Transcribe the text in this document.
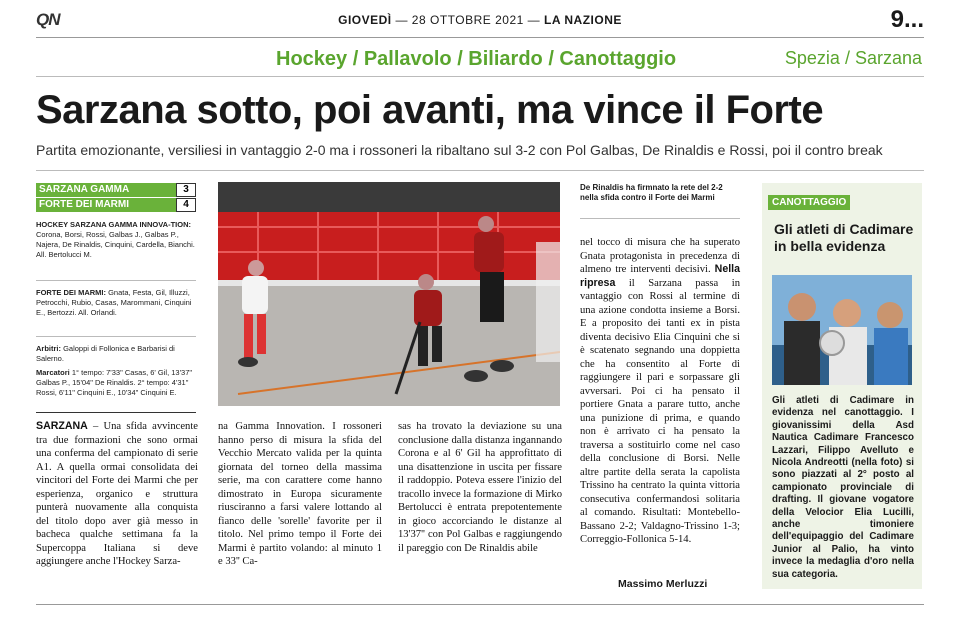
QN	GIOVEDÌ — 28 OTTOBRE 2021 — LA NAZIONE	9...
Hockey / Pallavolo / Biliardo / Canottaggio	Spezia / Sarzana
Sarzana sotto, poi avanti, ma vince il Forte
Partita emozionante, versiliesi in vantaggio 2-0 ma i rossoneri la ribaltano sul 3-2 con Pol Galbas, De Rinaldis e Rossi, poi il contro break
SARZANA GAMMA	3
FORTE DEI MARMI	4
HOCKEY SARZANA GAMMA INNOVA-TION: Corona, Borsi, Rossi, Galbas J., Galbas P., Najera, De Rinaldis, Cinquini, Cardella, Bianchi. All. Bertolucci M.
FORTE DEI MARMI: Gnata, Festa, Gil, Illuzzi, Petrocchi, Rubio, Casas, Marommani, Cinquini E., Bertozzi. All. Orlandi.
Arbitri: Galoppi di Follonica e Barbarisi di Salerno.
Marcatori 1° tempo: 7'33" Casas, 6' Gil, 13'37" Galbas P., 15'04" De Rinaldis. 2° tempo: 4'31" Rossi, 6'11" Cinquini E., 10'34" Cinquini E.
SARZANA – Una sfida avvincente tra due formazioni che sono ormai una conferma del campionato di serie A1. A quella ormai consolidata dei vincitori del Forte dei Marmi che per esperienza, organico e struttura punterà nuovamente alla conquista del titolo dopo aver già messo in bacheca qualche settimana fa la Supercoppa Italiana si deve aggiungere anche l'Hockey Sarza-
na Gamma Innovation. I rossoneri hanno perso di misura la sfida del Vecchio Mercato valida per la quinta giornata del torneo della massima serie, ma con carattere come hanno dimostrato in Europa sicuramente riusciranno a farsi valere lottando al fianco delle 'sorelle' favorite per il titolo. Nel primo tempo il Forte dei Marmi è partito volando: al minuto 1 e 33'' Ca-
sas ha trovato la deviazione su una conclusione dalla distanza ingannando Corona e al 6' Gil ha approfittato di una disattenzione in uscita per fissare il raddoppio. Poteva essere l'inizio del tracollo invece la formazione di Mirko Bertolucci è entrata prepotentemente in gioco accorciando le distanze al 13'37'' con Pol Galbas e raggiungendo il pareggio con De Rinaldis abile
nel tocco di misura che ha superato Gnata protagonista in precedenza di almeno tre interventi decisivi. Nella ripresa il Sarzana passa in vantaggio con Rossi al termine di una azione condotta insieme a Borsi. E a proposito dei tanti ex in pista diventa decisivo Elia Cinquini che si è scatenato segnando una doppietta che ha consentito al Forte di raggiungere il pari e sorpassare gli avversari. Poi ci ha pensato il portiere Gnata a parare tutto, anche una punizione di prima, e quando non è arrivato ci ha pensato la traversa a sostituirlo come nel caso della conclusione di Borsi. Nelle altre partite della serata la capolista Trissino ha centrato la quinta vittoria consecutiva confermandosi solitaria al comando. Risultati: Montebello-Bassano 2-2; Valdagno-Trissino 1-3; Correggio-Follonica 5-14.
Massimo Merluzzi
De Rinaldis ha firmnato la rete del 2-2 nella sfida contro il Forte dei Marmi	CANOTTAGGIO
Gli atleti di Cadimare in bella evidenza
Gli atleti di Cadimare in evidenza nel canottaggio. I giovanissimi della Asd Nautica Cadimare Francesco Lazzari, Filippo Avelluto e Nicola Andreotti (nella foto) si sono piazzati al 2° posto al campionato provinciale di drafting. Il giovane vogatore della Velocior Elia Lucilli, anche timoniere dell'equipaggio del Cadimare Junior al Palio, ha vinto invece la medaglia d'oro nella sua categoria.
